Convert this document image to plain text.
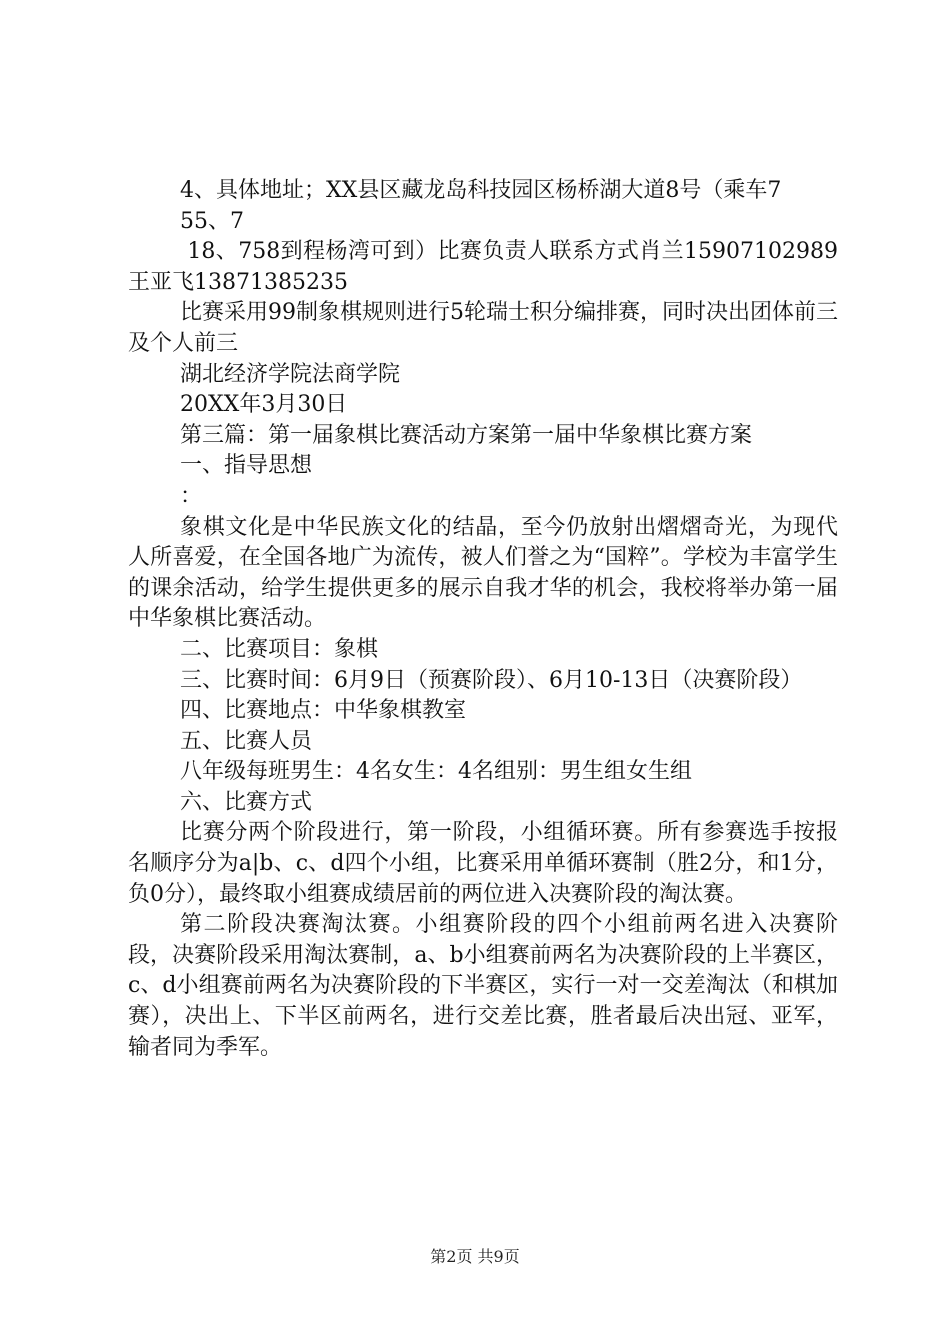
4、具体地址；XX县区藏龙岛科技园区杨桥湖大道8号（乘车7

55、7

18、758到程杨湾可到）比赛负责人联系方式肖兰15907102989王亚飞13871385235

比赛采用99制象棋规则进行5轮瑞士积分编排赛，同时决出团体前三及个人前三

湖北经济学院法商学院

20XX年3月30日

第三篇：第一届象棋比赛活动方案第一届中华象棋比赛方案

一、指导思想

：

象棋文化是中华民族文化的结晶，至今仍放射出熠熠奇光，为现代人所喜爱，在全国各地广为流传，被人们誉之为“国粹”。学校为丰富学生的课余活动，给学生提供更多的展示自我才华的机会，我校将举办第一届中华象棋比赛活动。

二、比赛项目：象棋

三、比赛时间：6月9日（预赛阶段）、6月10-13日（决赛阶段）

四、比赛地点：中华象棋教室

五、比赛人员

八年级每班男生：4名女生：4名组别：男生组女生组

六、比赛方式

比赛分两个阶段进行，第一阶段，小组循环赛。所有参赛选手按报名顺序分为a|b、c、d四个小组，比赛采用单循环赛制（胜2分，和1分，负0分），最终取小组赛成绩居前的两位进入决赛阶段的淘汰赛。

第二阶段决赛淘汰赛。小组赛阶段的四个小组前两名进入决赛阶段，决赛阶段采用淘汰赛制，a、b小组赛前两名为决赛阶段的上半赛区，c、d小组赛前两名为决赛阶段的下半赛区，实行一对一交差淘汰（和棋加赛），决出上、下半区前两名，进行交差比赛，胜者最后决出冠、亚军，输者同为季军。

第2页 共9页
